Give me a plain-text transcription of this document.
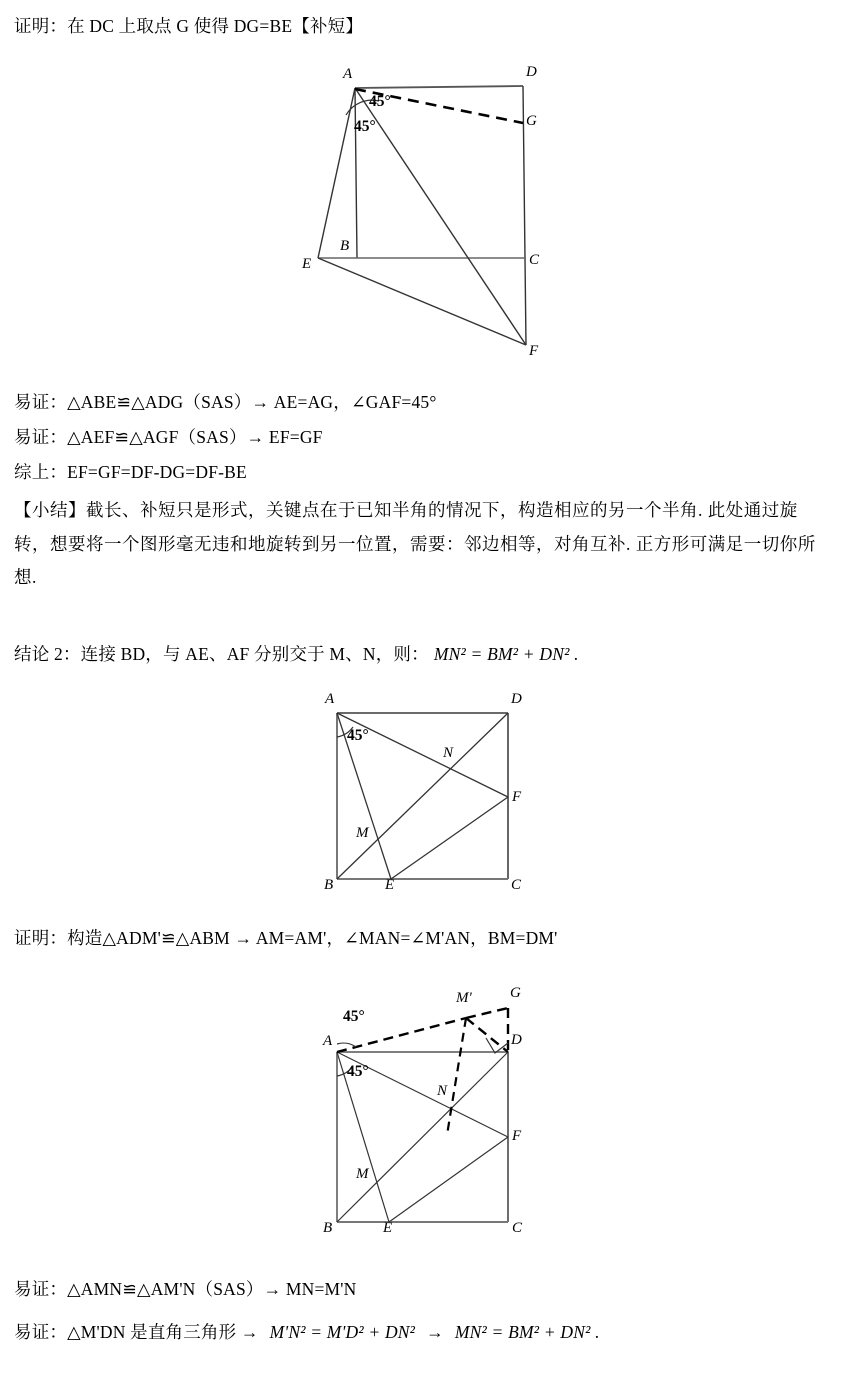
证明：在 DC 上取点 G 使得 DG=BE【补短】
A	D
G
B
E	C
F
45°
45°
易证：△ABE≌△ADG（SAS）→ AE=AG，∠GAF=45°
易证：△AEF≌△AGF（SAS）→ EF=GF
综上：EF=GF=DF-DG=DF-BE
【小结】截长、补短只是形式，关键点在于已知半角的情况下，构造相应的另一个半角. 此处通过旋转，想要将一个图形毫无违和地旋转到另一位置，需要：邻边相等，对角互补. 正方形可满足一切你所想.
结论 2：连接 BD，与 AE、AF 分别交于 M、N，则： MN² = BM² + DN² .
A	D
B	C
E
F
M
N
45°
证明：构造△ADM'≌△ABM → AM=AM'，∠MAN=∠M'AN，BM=DM'
A	D
B	C
E
F
M
N
M'	G
45°
45°
易证：△AMN≌△AM'N（SAS）→ MN=M'N
易证：△M'DN 是直角三角形 → M'N² = M'D² + DN² → MN² = BM² + DN² .
